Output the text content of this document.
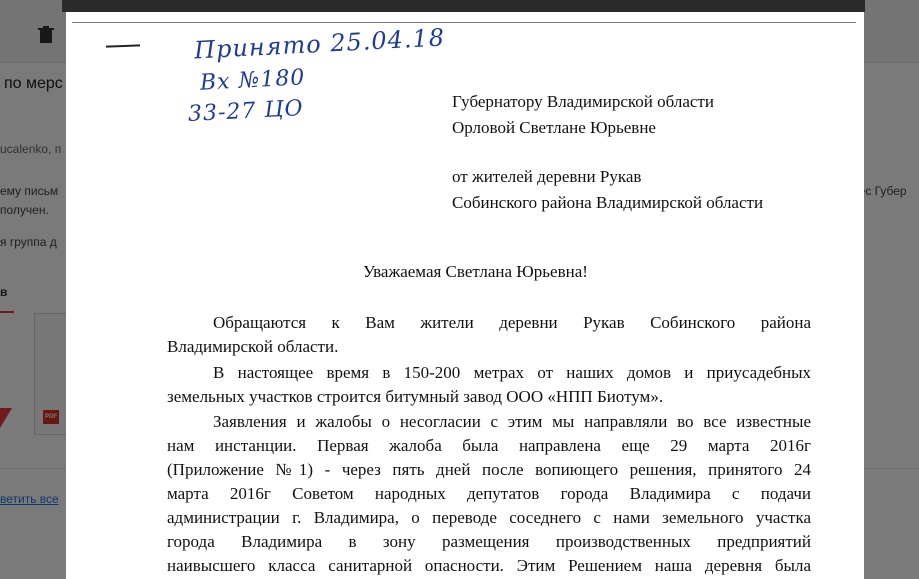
Принято 25.04.18
Вх №180
33-27 ЦО	Губернатору Владимирской области
Орловой Светлане Юрьевне
от жителей деревни Рукав
Собинского района Владимирской области
Уважаемая Светлана Юрьевна!
Обращаются к Вам жители деревни Рукав Собинского района
Владимирской области.
В настоящее время в 150-200 метрах от наших домов и приусадебных
земельных участков строится битумный завод ООО «НПП Биотум».
Заявления и жалобы о несогласии с этим мы направляли во все известные
нам инстанции. Первая жалоба была направлена еще 29 марта 2016г
(Приложение №1) - через пять дней после вопиющего решения, принятого 24
марта 2016г Советом народных депутатов города Владимира с подачи
администрации г. Владимира, о переводе соседнего с нами земельного участка
города Владимира в зону размещения производственных предприятий
наивысшего класса санитарной опасности. Этим Решением наша деревня была
